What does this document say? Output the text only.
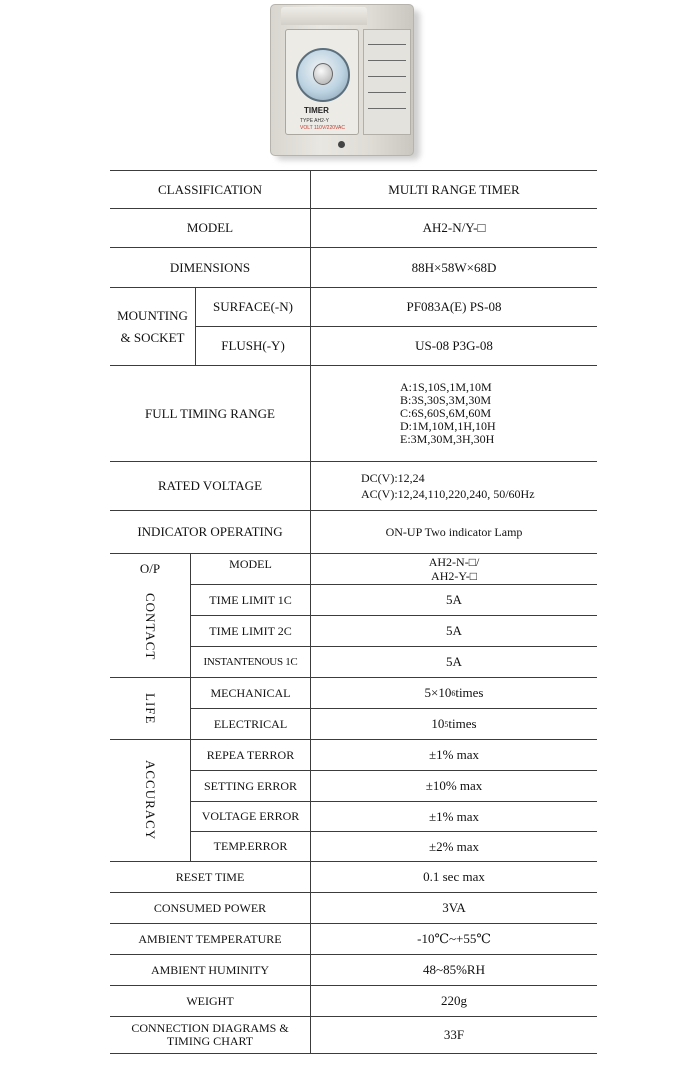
TIMER
TYPE AH2-Y
VOLT 110V/220VAC
CLASSIFICATION	MULTI RANGE TIMER
MODEL	AH2-N/Y-□
DIMENSIONS	88H×58W×68D
MOUNTING
& SOCKET
SURFACE(-N)	PF083A(E) PS-08
FLUSH(-Y)	US-08 P3G-08
FULL TIMING RANGE
A:1S,10S,1M,10M
B:3S,30S,3M,30M
C:6S,60S,6M,60M
D:1M,10M,1H,10H
E:3M,30M,3H,30H
RATED VOLTAGE	DC(V):12,24
AC(V):12,24,110,220,240, 50/60Hz
INDICATOR OPERATING	ON-UP Two indicator Lamp
O/P
CONTACT
MODEL	AH2-N-□/
AH2-Y-□
TIME LIMIT 1C	5A
TIME LIMIT 2C	5A
INSTANTENOUS 1C	5A
LIFE
MECHANICAL	5×10 6 times
ELECTRICAL	10 5 times
ACCURACY
REPEA TERROR	±1% max
SETTING ERROR	±10% max
VOLTAGE ERROR	±1% max
TEMP.ERROR	±2% max
RESET TIME	0.1 sec max
CONSUMED POWER	3VA
AMBIENT TEMPERATURE	-10℃~+55℃
AMBIENT HUMINITY	48~85%RH
WEIGHT	220g
CONNECTION DIAGRAMS &
TIMING CHART	33F
